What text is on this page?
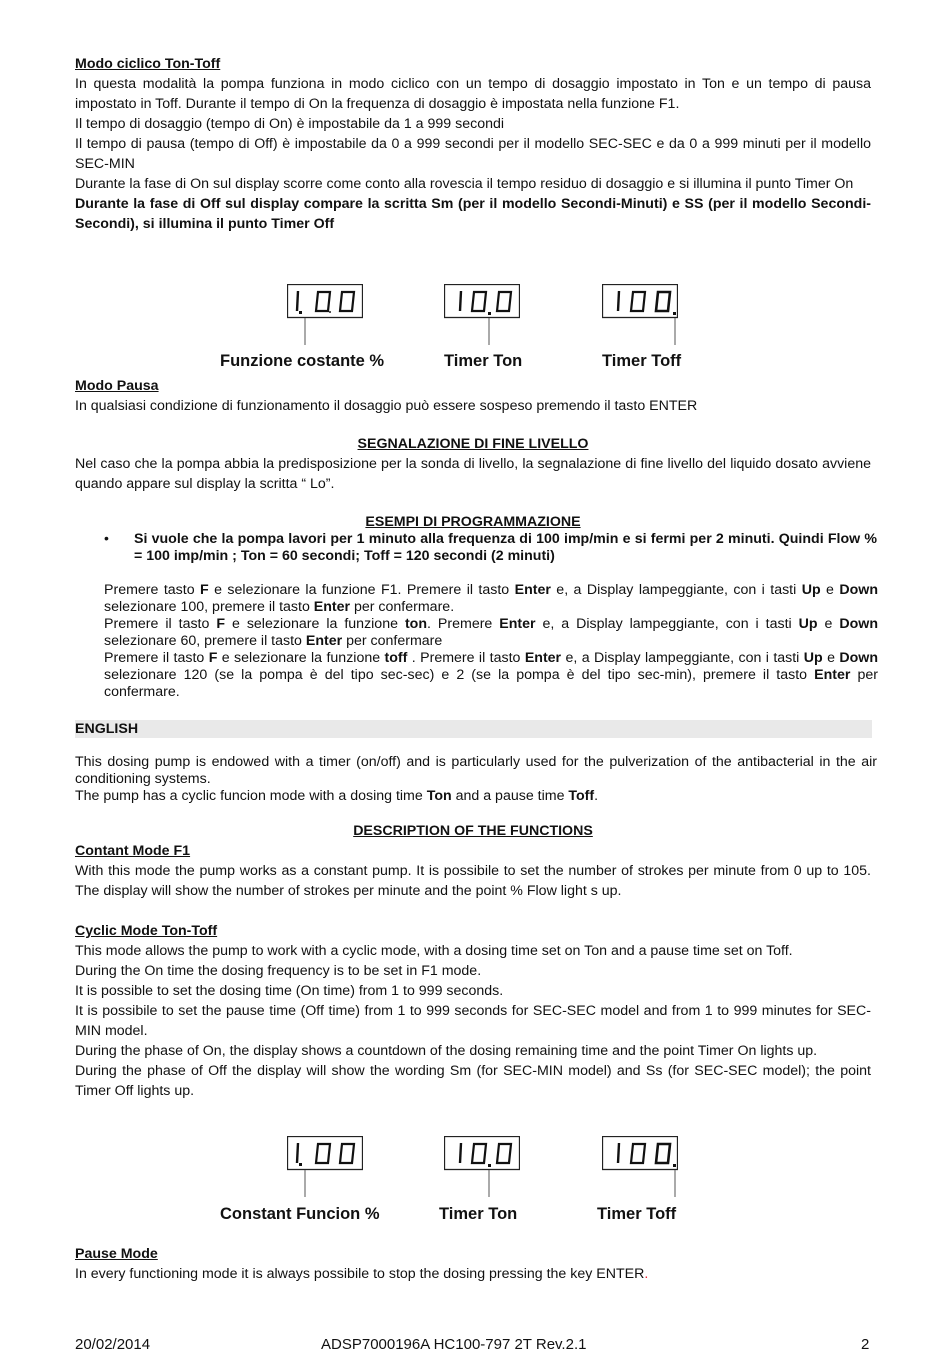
Modo ciclico Ton-Toff

In questa modalità la pompa funziona in modo ciclico con un tempo di dosaggio impostato in Ton e un tempo di pausa impostato in Toff. Durante il tempo di On la frequenza di dosaggio è impostata nella funzione F1.

Il tempo di dosaggio (tempo di On) è impostabile da 1 a 999 secondi

Il tempo di pausa (tempo di Off) è impostabile da 0 a 999 secondi per il modello SEC-SEC e da 0 a 999 minuti per il modello SEC-MIN

Durante la fase di On sul display scorre come conto alla rovescia il tempo residuo di dosaggio e si illumina il punto Timer On

Durante la fase di Off sul display compare la scritta Sm (per il modello Secondi-Minuti) e SS (per il modello Secondi-Secondi), si illumina il punto Timer Off

Funzione costante %	Timer Ton	Timer Toff

Modo Pausa

In qualsiasi condizione di funzionamento il dosaggio può essere sospeso premendo il tasto ENTER

SEGNALAZIONE DI FINE LIVELLO

Nel caso che la pompa abbia la predisposizione per la sonda di livello, la segnalazione di fine livello del liquido dosato avviene quando appare sul display la scritta “ Lo”.

ESEMPI DI PROGRAMMAZIONE

• Si vuole che la pompa lavori per 1 minuto alla frequenza di 100 imp/min e si fermi per 2 minuti. Quindi Flow % = 100 imp/min ; Ton = 60 secondi; Toff = 120 secondi (2 minuti)

Premere tasto F e selezionare la funzione F1. Premere il tasto Enter e, a Display lampeggiante, con i tasti Up e Down selezionare 100, premere il tasto Enter per confermare.

Premere il tasto F e selezionare la funzione ton. Premere Enter e, a Display lampeggiante, con i tasti Up e Down selezionare 60, premere il tasto Enter per confermare

Premere il tasto F e selezionare la funzione toff . Premere il tasto Enter e, a Display lampeggiante, con i tasti Up e Down selezionare 120 (se la pompa è del tipo sec-sec) e 2 (se la pompa è del tipo sec-min), premere il tasto Enter per confermare.

ENGLISH

This dosing pump is endowed with a timer (on/off) and is particularly used for the pulverization of the antibacterial in the air conditioning systems.

The pump has a cyclic funcion mode with a dosing time Ton and a pause time Toff.

DESCRIPTION OF THE FUNCTIONS

Contant Mode F1

With this mode the pump works as a constant pump. It is possibile to set the number of strokes per minute from 0 up to 105. The display will show the number of strokes per minute and the point % Flow light s up.

Cyclic Mode Ton-Toff

This mode allows the pump to work with a cyclic mode, with a dosing time set on Ton and a pause time set on Toff.

During the On time the dosing frequency is to be set in F1 mode.

It is possible to set the dosing time (On time) from 1 to 999 seconds.

It is possibile to set the pause time (Off time) from 1 to 999 seconds for SEC-SEC model and from 1 to 999 minutes for SEC-MIN model.

During the phase of On, the display shows a countdown of the dosing remaining time and the point Timer On lights up.

During the phase of Off the display will show the wording Sm (for SEC-MIN model) and Ss (for SEC-SEC model); the point Timer Off lights up.

Constant Funcion %	Timer Ton	Timer Toff

Pause Mode

In every functioning mode it is always possibile to stop the dosing pressing the key ENTER.

20/02/2014	ADSP7000196A HC100-797 2T Rev.2.1	2
